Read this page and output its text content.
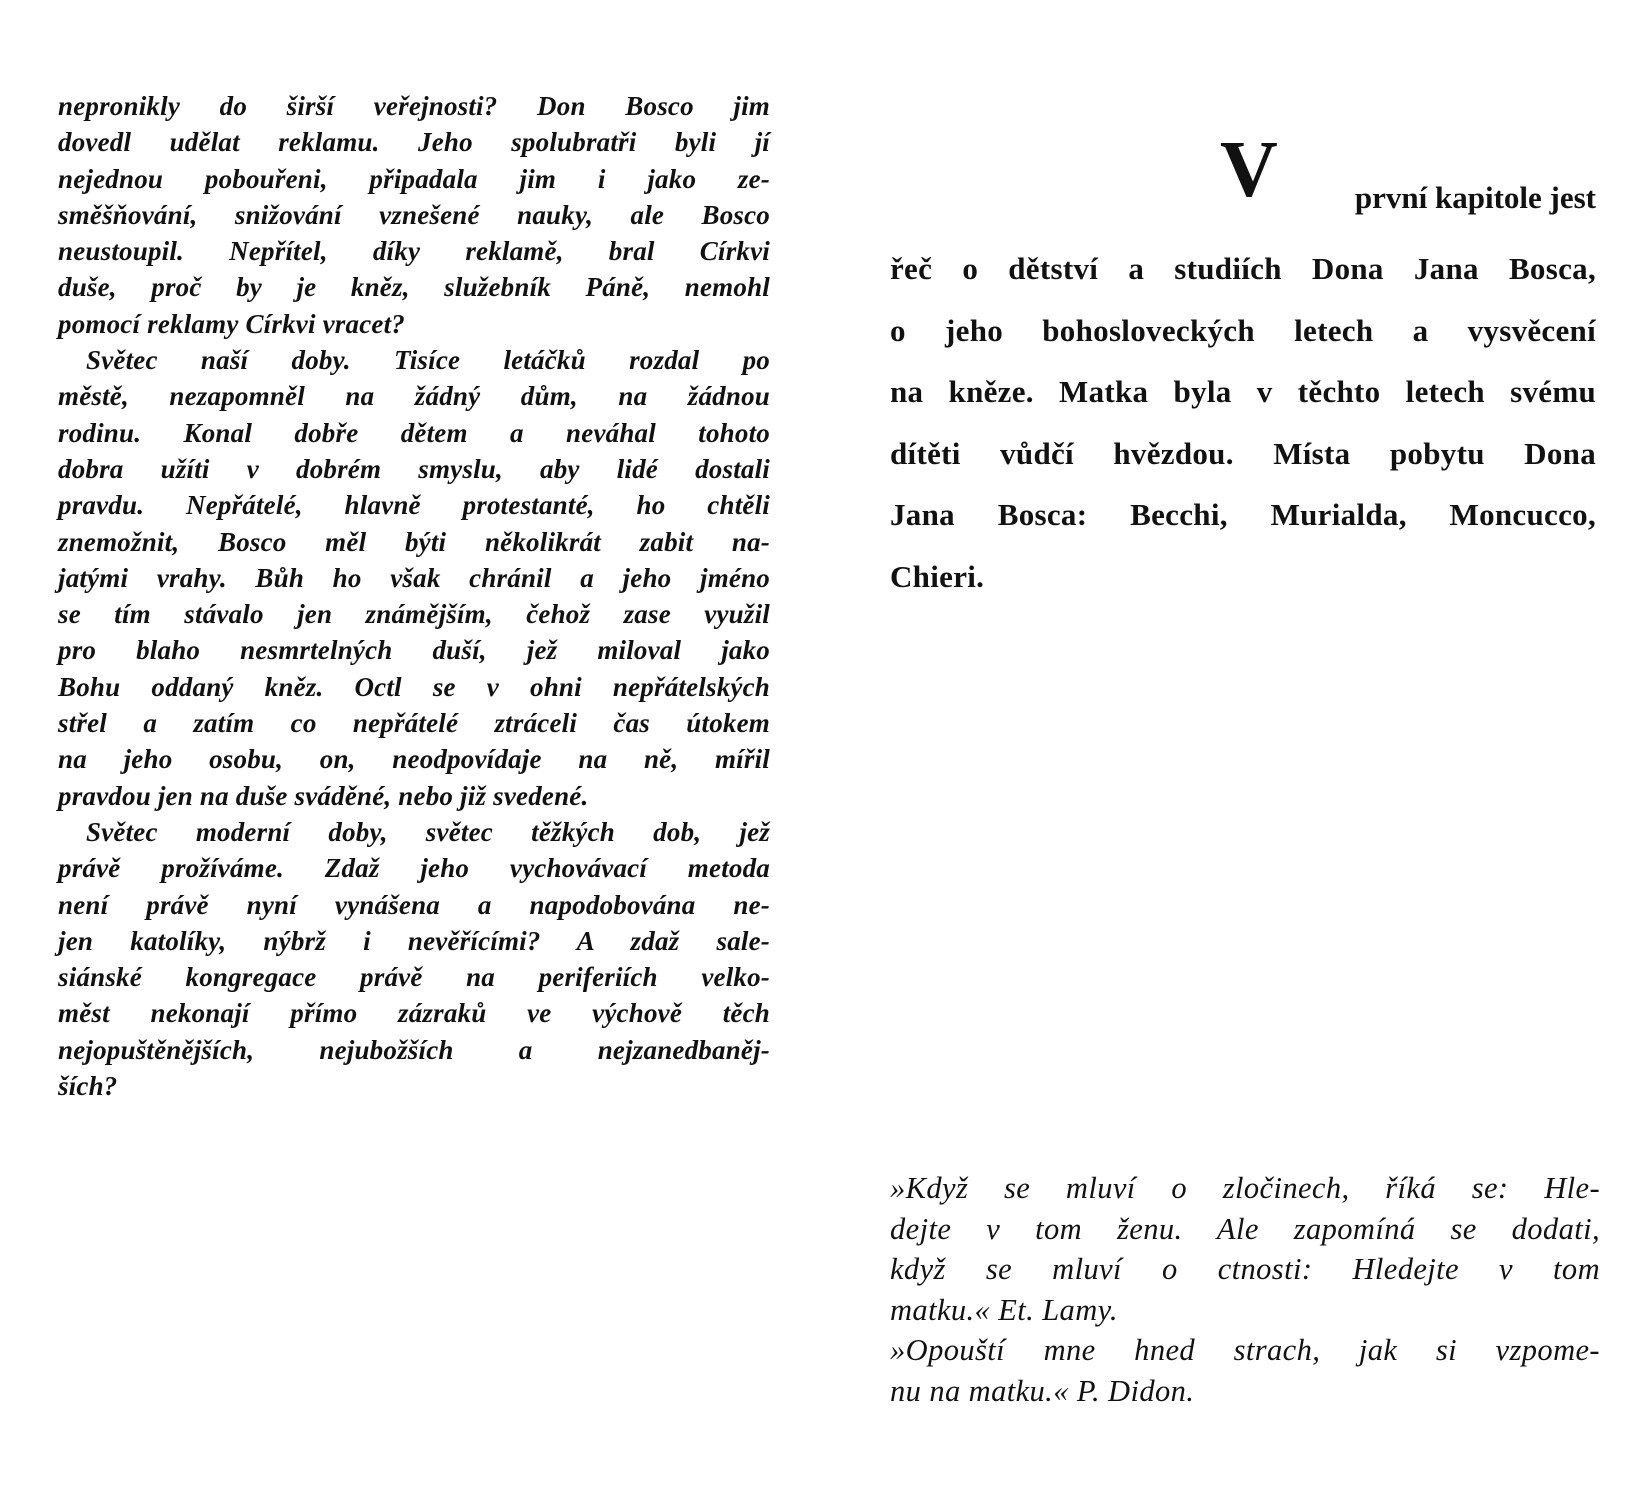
nepronikly do širší veřejnosti? Don Bosco jim
dovedl udělat reklamu. Jeho spolubratři byli jí
nejednou pobouřeni, připadala jim i jako ze-
směšňování, snižování vznešené nauky, ale Bosco
neustoupil. Nepřítel, díky reklamě, bral Církvi
duše, proč by je kněz, služebník Páně, nemohl
pomocí reklamy Církvi vracet?
Světec naší doby. Tisíce letáčků rozdal po
městě, nezapomněl na žádný dům, na žádnou
rodinu. Konal dobře dětem a neváhal tohoto
dobra užíti v dobrém smyslu, aby lidé dostali
pravdu. Nepřátelé, hlavně protestanté, ho chtěli
znemožnit, Bosco měl býti několikrát zabit na-
jatými vrahy. Bůh ho však chránil a jeho jméno
se tím stávalo jen známějším, čehož zase využil
pro blaho nesmrtelných duší, jež miloval jako
Bohu oddaný kněz. Octl se v ohni nepřátelských
střel a zatím co nepřátelé ztráceli čas útokem
na jeho osobu, on, neodpovídaje na ně, mířil
pravdou jen na duše sváděné, nebo již svedené.
Světec moderní doby, světec těžkých dob, jež
právě prožíváme. Zdaž jeho vychovávací metoda
není právě nyní vynášena a napodobována ne-
jen katolíky, nýbrž i nevěřícími? A zdaž sale-
siánské kongregace právě na periferiích velko-
měst nekonají přímo zázraků ve výchově těch
nejopuštěnějších, nejubožších a nejzanedbaněj-
ších?
V první kapitole jest
řeč o dětství a studiích Dona Jana Bosca,
o jeho bohosloveckých letech a vysvěcení
na kněze. Matka byla v těchto letech svému
dítěti vůdčí hvězdou. Místa pobytu Dona
Jana Bosca: Becchi, Murialda, Moncucco,
Chieri.
»Když se mluví o zločinech, říká se: Hle-
dejte v tom ženu. Ale zapomíná se dodati,
když se mluví o ctnosti: Hledejte v tom
matku.« Et. Lamy.
»Opouští mne hned strach, jak si vzpome-
nu na matku.« P. Didon.
